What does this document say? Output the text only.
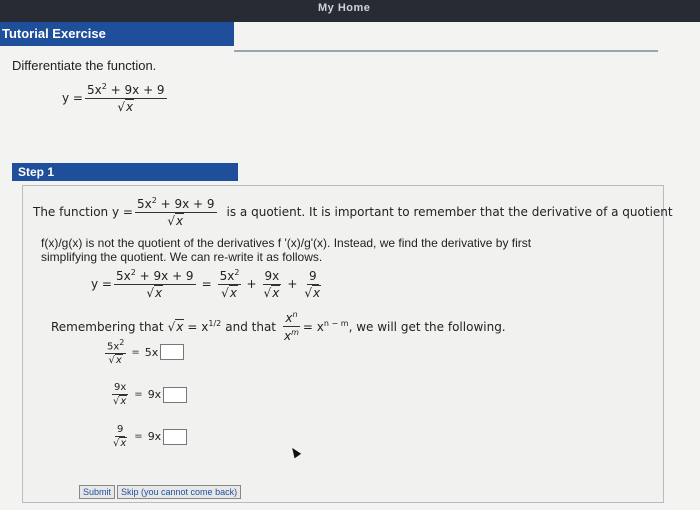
My Home
Tutorial Exercise
Differentiate the function.
$y = \frac{5x^2 + 9x + 9}{√x}$
Step 1
The function $y = \frac{5x^2 + 9x + 9}{√x}$ is a quotient. It is important to remember that the derivative of a quotient
f(x)/g(x) is not the quotient of the derivatives f '(x)/g'(x). Instead, we find the derivative by first
simplifying the quotient. We can re-write it as follows.
$y = \frac{5x^2 + 9x + 9}{√x} = \frac{5x^2}{√x} + \frac{9x}{√x} + \frac{9}{√x}$
Remembering that $√x = x^{1/2}$ and that $\frac{x^n}{x^m} = x^{n - m}$ , we will get the following.
$\frac{5x^2}{√x} = 5x$
$\frac{9x}{√x} = 9x$
$\frac{9}{√x} = 9x$
Submit	Skip (you cannot come back)
